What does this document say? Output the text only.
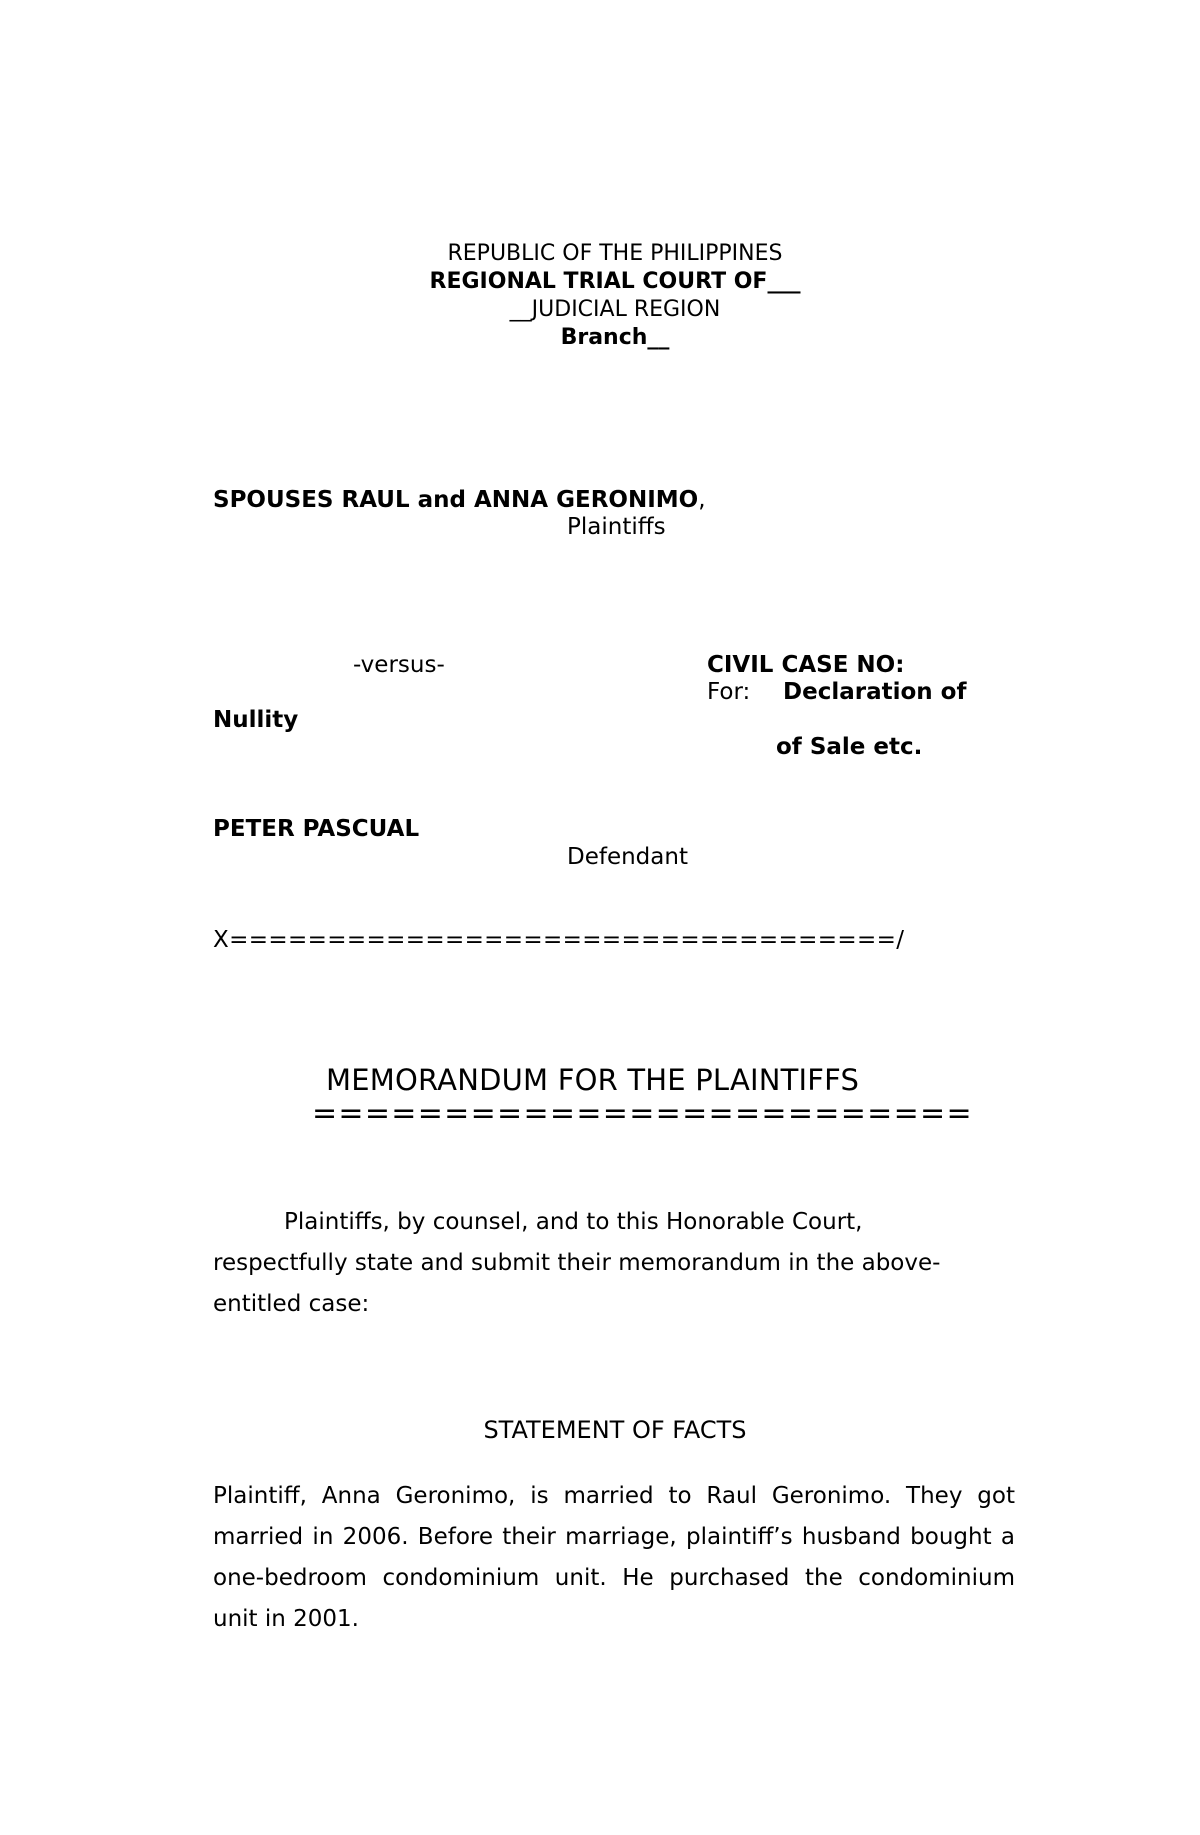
REPUBLIC OF THE PHILIPPINES
REGIONAL TRIAL COURT OF___
__JUDICIAL REGION
Branch__
SPOUSES RAUL and ANNA GERONIMO,
Plaintiffs
-versus-	CIVIL CASE NO:
For: Declaration of
Nullity
of Sale etc.
PETER PASCUAL
Defendant
X==================================/
MEMORANDUM FOR THE PLAINTIFFS
=========================
Plaintiffs, by counsel, and to this Honorable Court,
respectfully state and submit their memorandum in the above-
entitled case:
STATEMENT OF FACTS
Plaintiff, Anna Geronimo, is married to Raul Geronimo. They got married in 2006. Before their marriage, plaintiff’s husband bought a one-bedroom condominium unit. He purchased the condominium unit in 2001.
